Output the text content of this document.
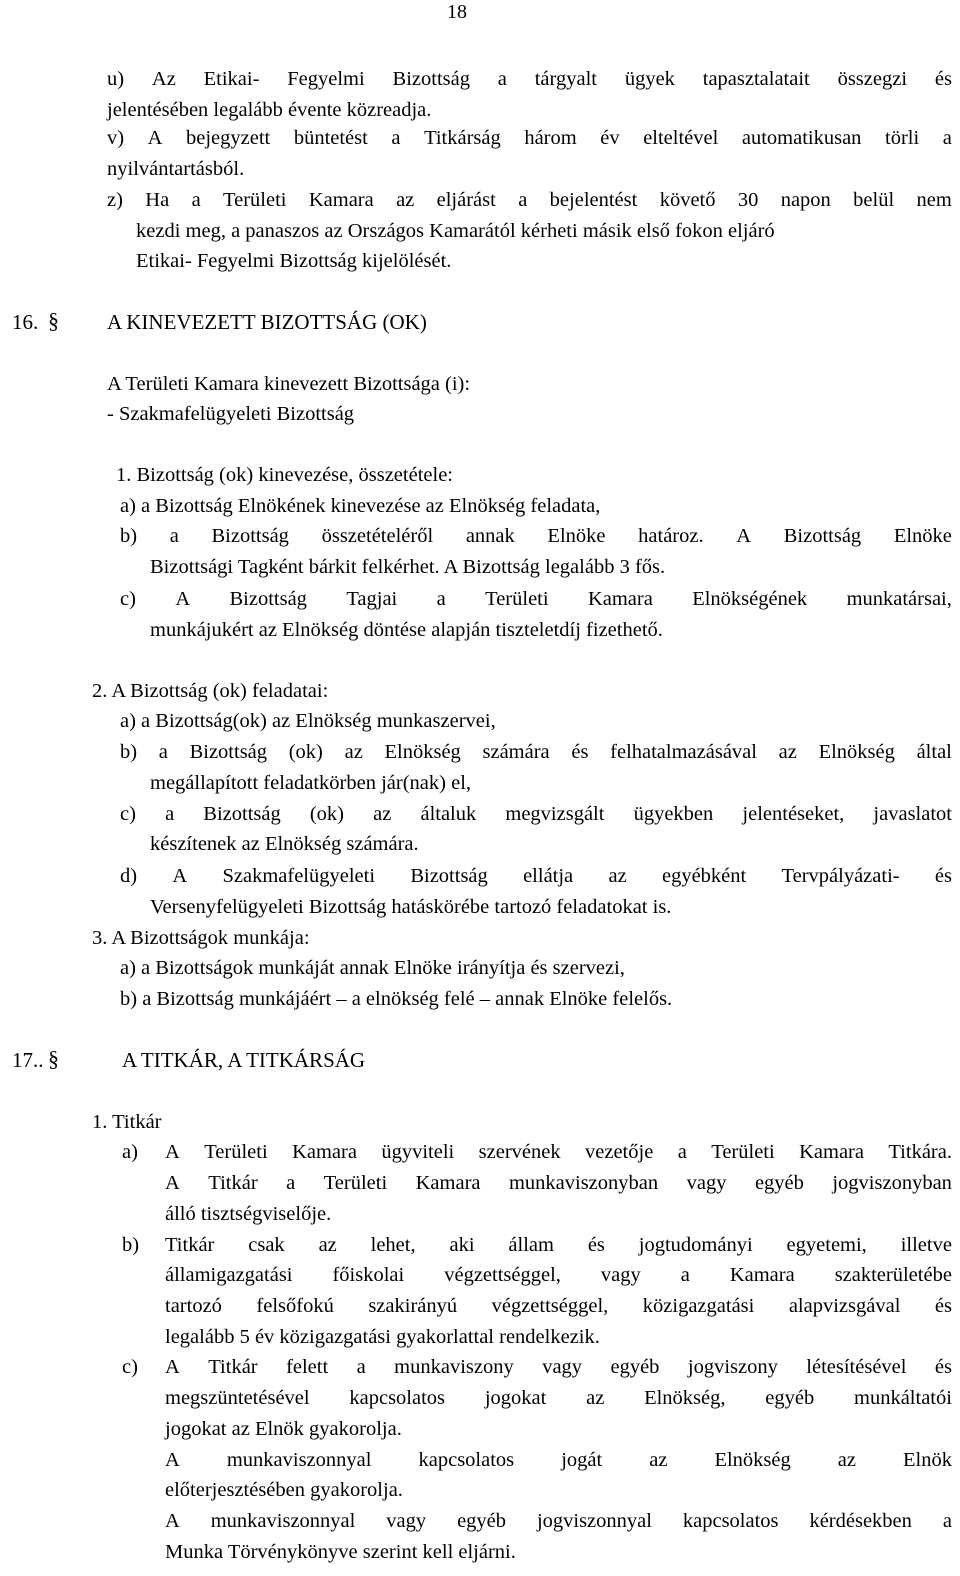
18
u) Az Etikai- Fegyelmi Bizottság a tárgyalt ügyek tapasztalatait összegzi és
jelentésében legalább évente közreadja.
v) A bejegyzett büntetést a Titkárság három év elteltével automatikusan törli a
nyilvántartásból.
z) Ha a Területi Kamara az eljárást a bejelentést követő 30 napon belül nem
kezdi meg, a panaszos az Országos Kamarától kérheti másik első fokon eljáró
Etikai- Fegyelmi Bizottság kijelölését.
16. § A KINEVEZETT BIZOTTSÁG (OK)
A Területi Kamara kinevezett Bizottsága (i):
- Szakmafelügyeleti Bizottság
1. Bizottság (ok) kinevezése, összetétele:
a) a Bizottság Elnökének kinevezése az Elnökség feladata,
b) a Bizottság összetételéről annak Elnöke határoz. A Bizottság Elnöke
Bizottsági Tagként bárkit felkérhet. A Bizottság legalább 3 fős.
c) A Bizottság Tagjai a Területi Kamara Elnökségének munkatársai,
munkájukért az Elnökség döntése alapján tiszteletdíj fizethető.
2. A Bizottság (ok) feladatai:
a) a Bizottság(ok) az Elnökség munkaszervei,
b) a Bizottság (ok) az Elnökség számára és felhatalmazásával az Elnökség által
megállapított feladatkörben jár(nak) el,
c) a Bizottság (ok) az általuk megvizsgált ügyekben jelentéseket, javaslatot
készítenek az Elnökség számára.
d) A Szakmafelügyeleti Bizottság ellátja az egyébként Tervpályázati- és
Versenyfelügyeleti Bizottság hatáskörébe tartozó feladatokat is.
3. A Bizottságok munkája:
a) a Bizottságok munkáját annak Elnöke irányítja és szervezi,
b) a Bizottság munkájáért – a elnökség felé – annak Elnöke felelős.
17.. §	A TITKÁR, A TITKÁRSÁG
1. Titkár
a) A Területi Kamara ügyviteli szervének vezetője a Területi Kamara Titkára.
A Titkár a Területi Kamara munkaviszonyban vagy egyéb jogviszonyban
álló tisztségviselője.
b) Titkár csak az lehet, aki állam és jogtudományi egyetemi, illetve
államigazgatási főiskolai végzettséggel, vagy a Kamara szakterületébe
tartozó felsőfokú szakirányú végzettséggel, közigazgatási alapvizsgával és
legalább 5 év közigazgatási gyakorlattal rendelkezik.
c) A Titkár felett a munkaviszony vagy egyéb jogviszony létesítésével és
megszüntetésével kapcsolatos jogokat az Elnökség, egyéb munkáltatói
jogokat az Elnök gyakorolja.
A munkaviszonnyal kapcsolatos jogát az Elnökség az Elnök
előterjesztésében gyakorolja.
A munkaviszonnyal vagy egyéb jogviszonnyal kapcsolatos kérdésekben a
Munka Törvénykönyve szerint kell eljárni.
